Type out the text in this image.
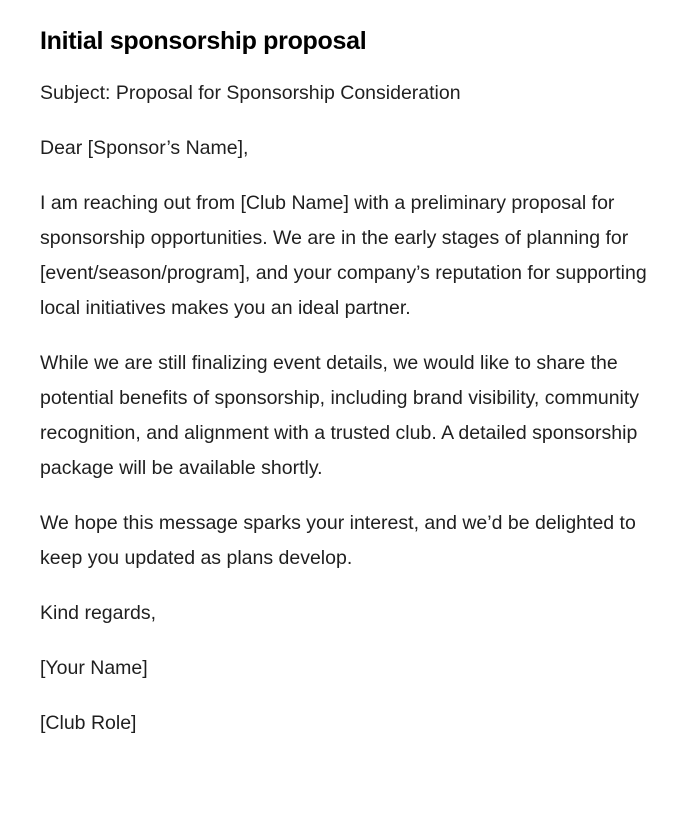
Initial sponsorship proposal

Subject: Proposal for Sponsorship Consideration

Dear [Sponsor’s Name],

I am reaching out from [Club Name] with a preliminary proposal for sponsorship opportunities. We are in the early stages of planning for [event/season/program], and your company’s reputation for supporting local initiatives makes you an ideal partner.

While we are still finalizing event details, we would like to share the potential benefits of sponsorship, including brand visibility, community recognition, and alignment with a trusted club. A detailed sponsorship package will be available shortly.

We hope this message sparks your interest, and we’d be delighted to keep you updated as plans develop.

Kind regards,

[Your Name]

[Club Role]
